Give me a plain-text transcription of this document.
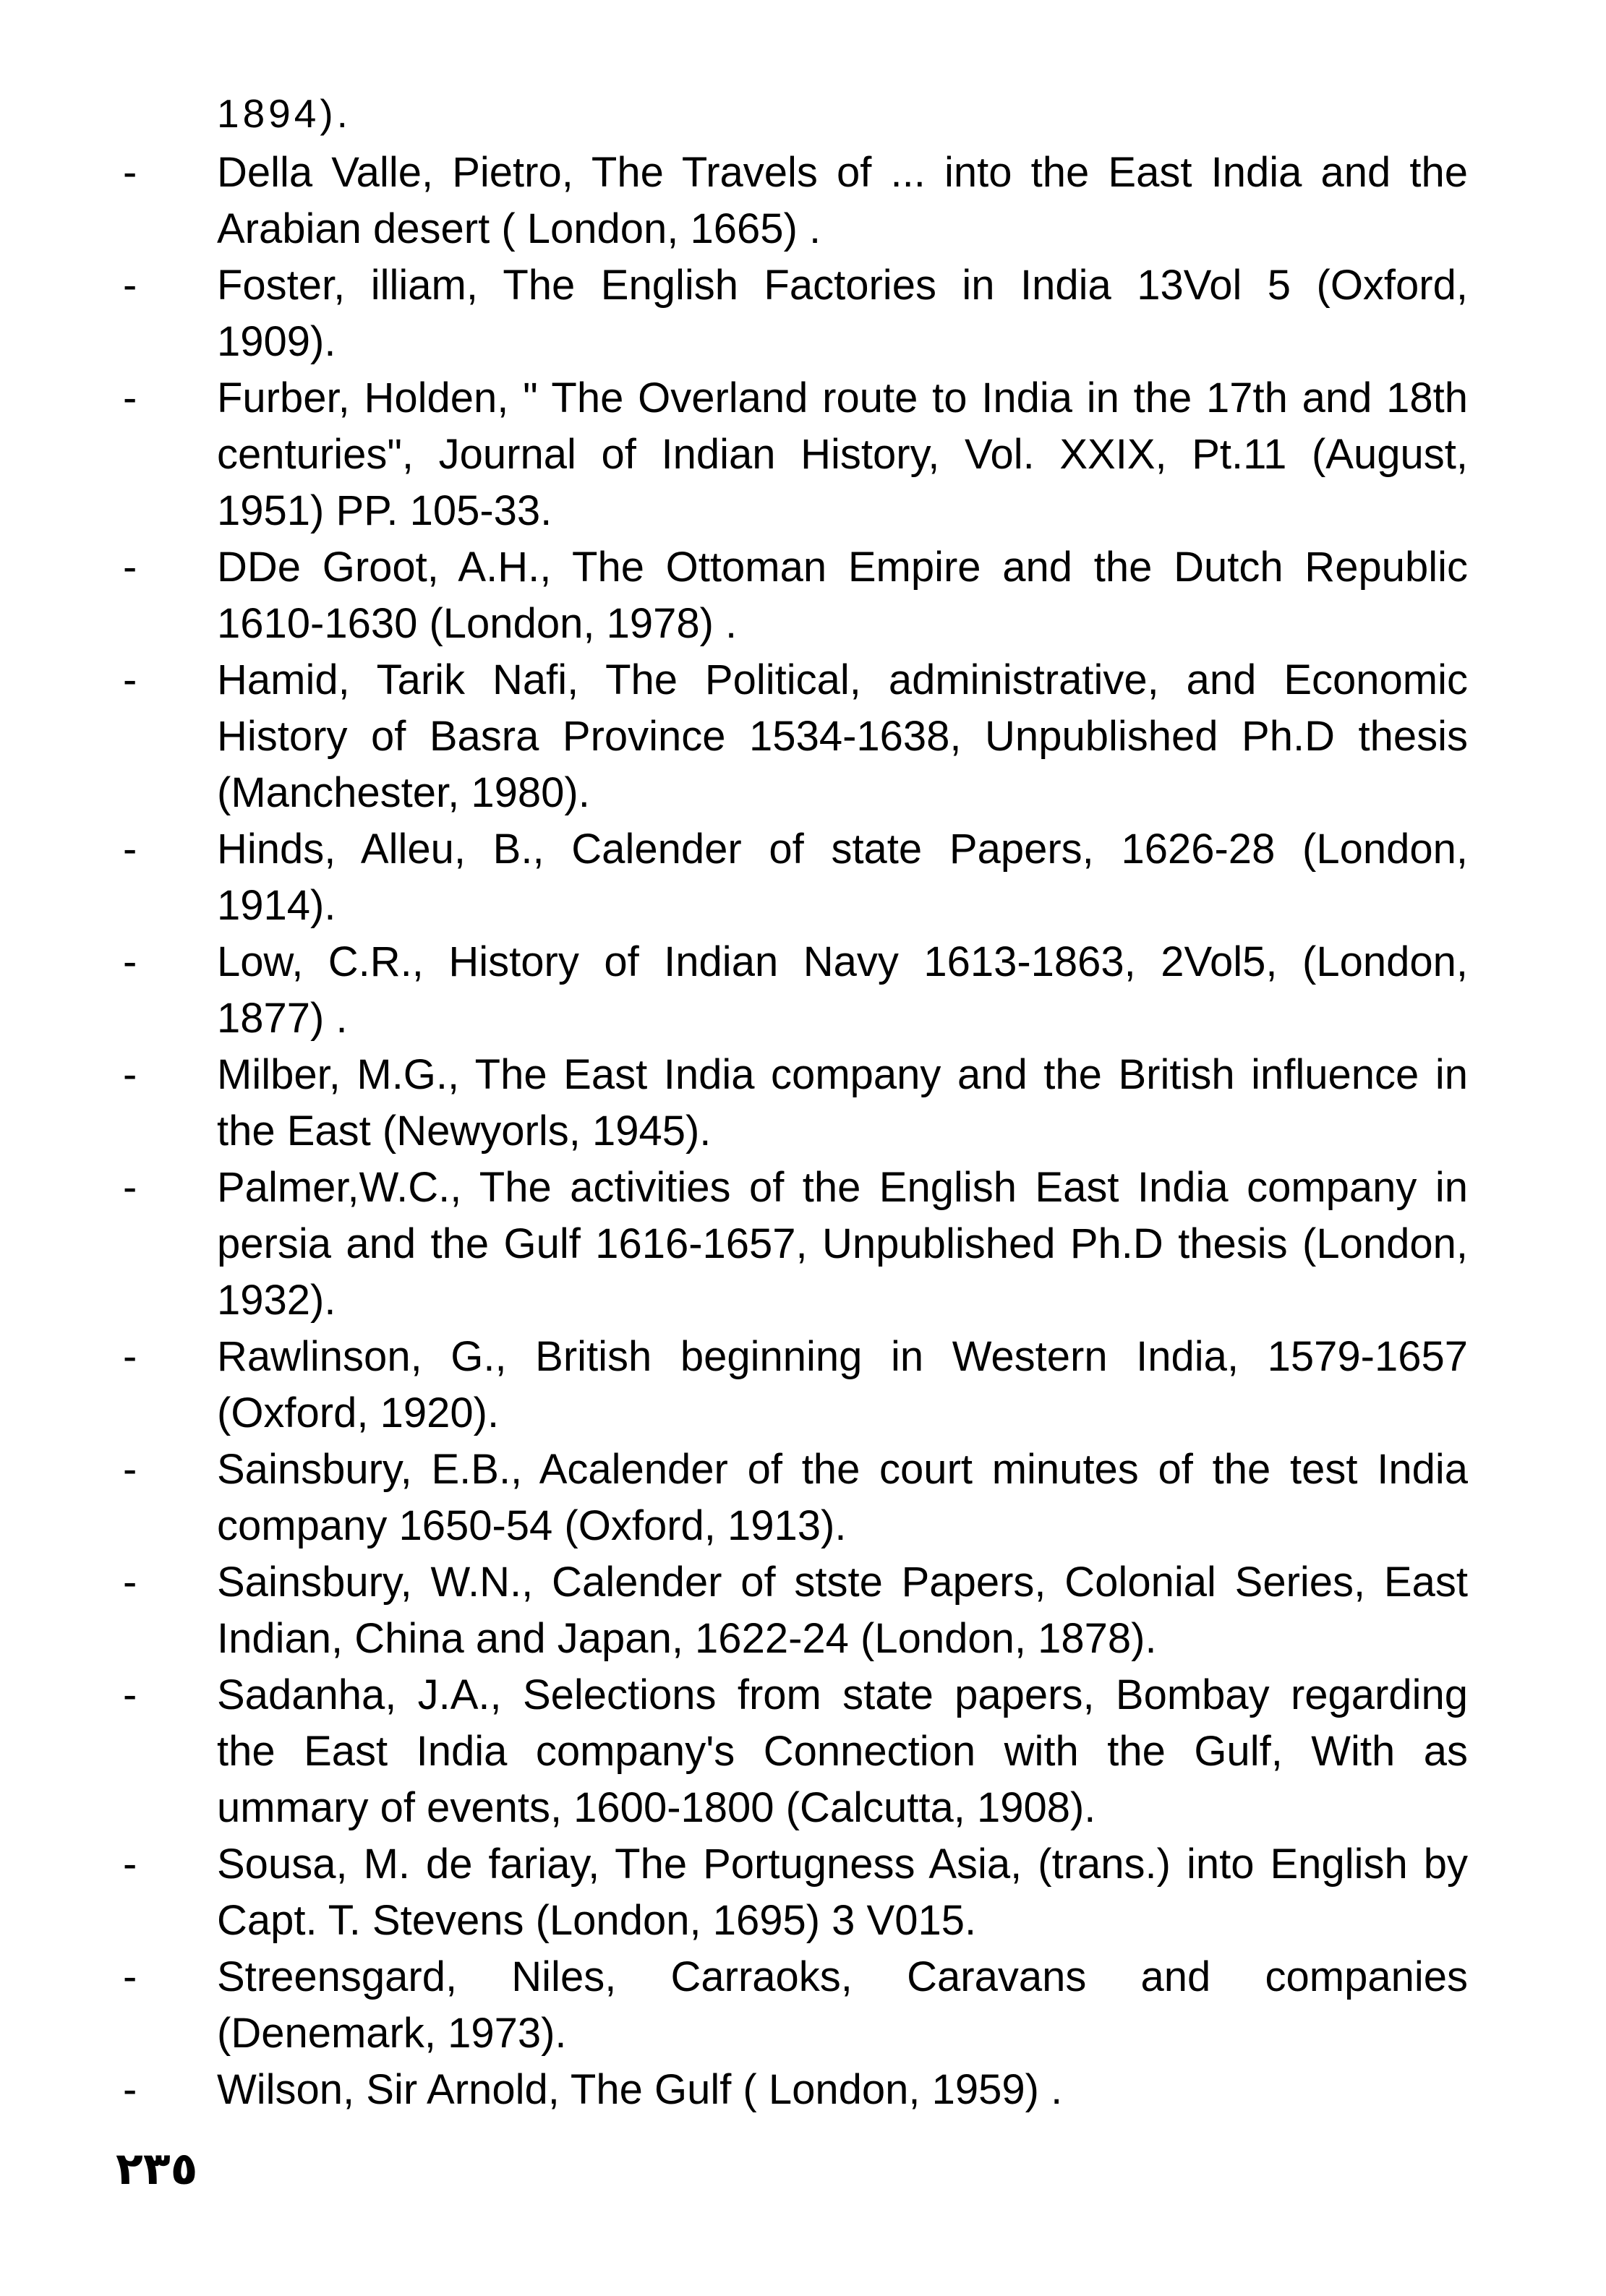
1894).
- Della Valle, Pietro, The Travels of ... into the East India and the Arabian desert ( London, 1665) .
- Foster, illiam, The English Factories in India 13Vol 5 (Oxford, 1909).
- Furber, Holden, " The Overland route to India in the 17th and 18th centuries", Journal of Indian History, Vol. XXIX, Pt.11 (August, 1951) PP. 105-33.
- DDe Groot, A.H., The Ottoman Empire and the Dutch Republic 1610-1630 (London, 1978) .
- Hamid, Tarik Nafi, The Political, administrative, and Economic History of Basra Province 1534-1638, Unpublished Ph.D thesis (Manchester, 1980).
- Hinds, Alleu, B., Calender of state Papers, 1626-28 (London, 1914).
- Low, C.R., History of Indian Navy 1613-1863, 2Vol5, (London, 1877) .
- Milber, M.G., The East India company and the British influence in the East (Newyorls, 1945).
- Palmer,W.C., The activities of the English East India company in persia and the Gulf 1616-1657, Unpublished Ph.D thesis (London, 1932).
- Rawlinson, G., British beginning in Western India, 1579-1657 (Oxford, 1920).
- Sainsbury, E.B., Acalender of the court minutes of the test India company 1650-54 (Oxford, 1913).
- Sainsbury, W.N., Calender of stste Papers, Colonial Series, East Indian, China and Japan, 1622-24 (London, 1878).
- Sadanha, J.A., Selections from state papers, Bombay regarding the East India company's Connection with the Gulf, With as ummary of events, 1600-1800 (Calcutta, 1908).
- Sousa, M. de fariay, The Portugness Asia, (trans.) into English by Capt. T. Stevens (London, 1695) 3 V015.
- Streensgard, Niles, Carraoks, Caravans and companies (Denemark, 1973).
- Wilson, Sir Arnold, The Gulf ( London, 1959) .
٢٣٥
